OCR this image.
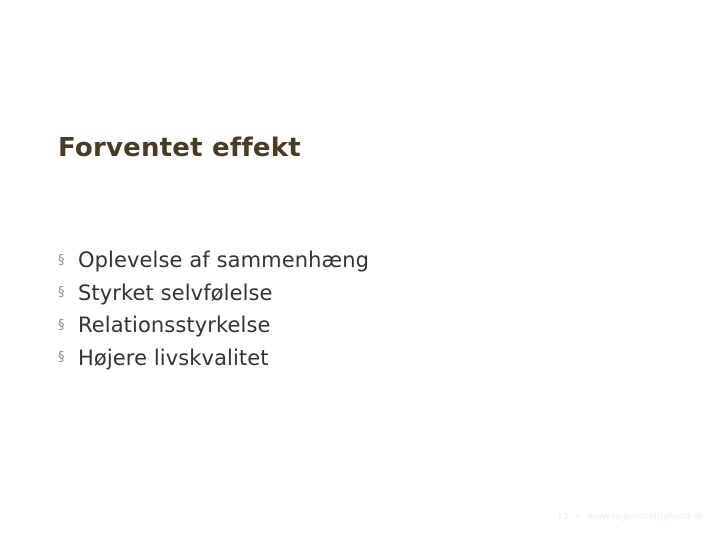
Forventet effekt
§ Oplevelse af sammenhæng
§ Styrket selvfølelse
§ Relationsstyrkelse
§ Højere livskvalitet
13 • www.regionmidtjylland.dk
